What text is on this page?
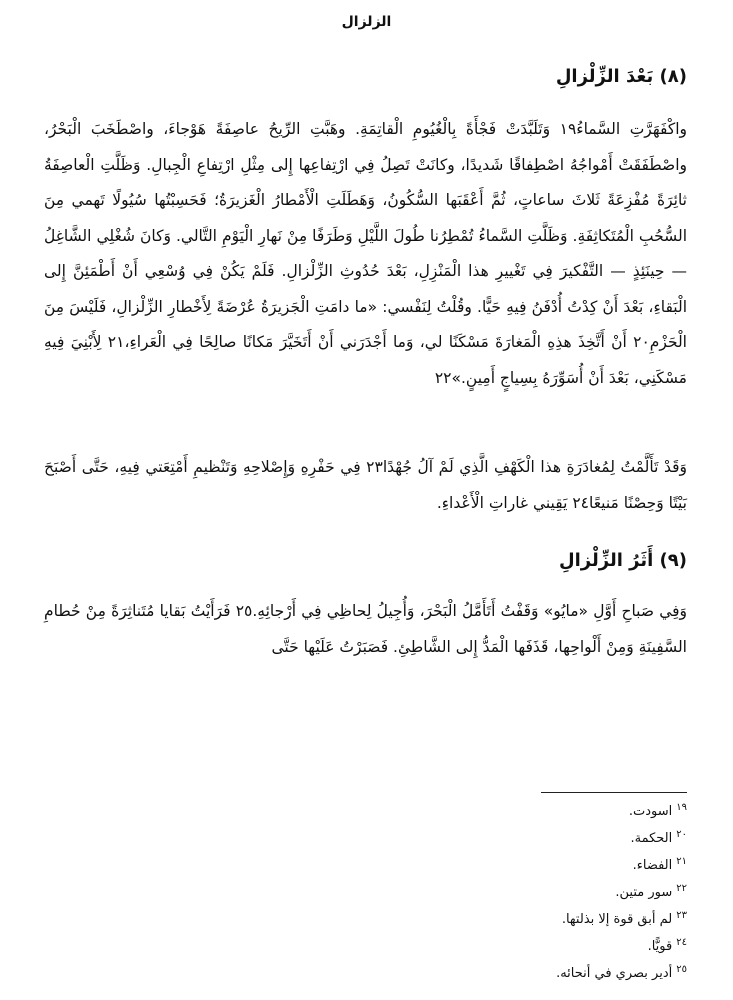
الزلزال
(٨) بَعْدَ الزِّلْزالِ

واكْفَهَرَّتِ السَّماءُ١٩ وَتَلَبَّدَتْ فَجْأَةً بِالْغُيُومِ الْقاتِمَةِ. وهَبَّتِ الرِّيحُ عاصِفَةً هَوْجاءَ، واصْطَخَبَ الْبَحْرُ، واصْطَفَقَتْ أَمْواجُهُ اصْطِفاقًا شَديدًا، وكانَتْ تَصِلُ فِي ارْتِفاعِها إِلى مِثْلِ ارْتِفاعِ الْجِبالِ. وَظَلَّتِ الْعاصِفَةُ ثائِرَةً مُفْزِعَةً ثَلاثَ ساعاتٍ، ثُمَّ أَعْقَبَها السُّكُونُ، وَهَطَلَتِ الْأَمْطارُ الْغَزيرَةُ؛ فَحَسِبْتُها سُيُولًا تَهمي مِنَ السُّحُبِ الْمُتَكاثِفَةِ. وَظَلَّتِ السَّماءُ تُمْطِرُنا طُولَ اللَّيْلِ وَطَرَفًا مِنْ نَهارِ الْيَوْمِ التَّالي. وَكانَ شُغْلِي الشَّاغِلُ — حِينَئِذٍ — التَّفْكيرَ فِي تَغْييرِ هذا الْمَنْزِلِ، بَعْدَ حُدُوثِ الزِّلْزالِ. فَلَمْ يَكُنْ فِي وُسْعِي أَنْ أَطْمَئِنَّ إِلى الْبَقاءِ، بَعْدَ أَنْ كِدْتُ أُدْفَنُ فِيهِ حَيًّا. وقُلْتُ لِنَفْسي: «ما دامَتِ الْجَزيرَةُ عُرْضَةً لِأَخْطارِ الزِّلْزالِ، فَلَيْسَ مِنَ الْحَزْمِ٢٠ أَنْ أَتَّخِذَ هذِهِ الْمَغارَةَ مَسْكَنًا لي، وَما أَجْدَرَني أَنْ أَتَخَيَّرَ مَكانًا صالِحًا فِي الْعَراءِ،٢١ لِأَبْنِيَ فِيهِ مَسْكَنِي، بَعْدَ أَنْ أُسَوِّرَهُ بِسِياجٍ أَمِينٍ.»٢٢

وَقَدْ تَأَلَّمْتُ لِمُغادَرَةِ هذا الْكَهْفِ الَّذِي لَمْ آلُ جُهْدًا٢٣ فِي حَفْرِهِ وَإِصْلاحِهِ وَتَنْظيمِ أَمْتِعَتي فِيهِ، حَتَّى أَصْبَحَ بَيْتًا وَحِصْنًا مَنيعًا٢٤ يَقِيني غاراتِ الْأَعْداءِ.

(٩) أَثَرُ الزِّلْزالِ

وَفِي صَباحِ أَوَّلِ «مايُو» وَقَفْتُ أَتَأَمَّلُ الْبَحْرَ، وَأُجِيلُ لِحاظِي فِي أَرْجائِهِ.٢٥ فَرَأَيْتُ بَقايا مُتَناثِرَةً مِنْ حُطامِ السَّفِينَةِ وَمِنْ أَلْواحِها، قَذَفَها الْمَدُّ إِلى الشَّاطِئِ. فَصَبَرْتُ عَلَيْها حَتَّى

$^{١٩}$اسودت.
$^{٢٠}$الحكمة.
$^{٢١}$الفضاء.
$^{٢٢}$سور متين.
$^{٢٣}$لم أبق قوة إلا بذلتها.
$^{٢٤}$قويًّا.
$^{٢٥}$أدير بصري في أنحائه.
